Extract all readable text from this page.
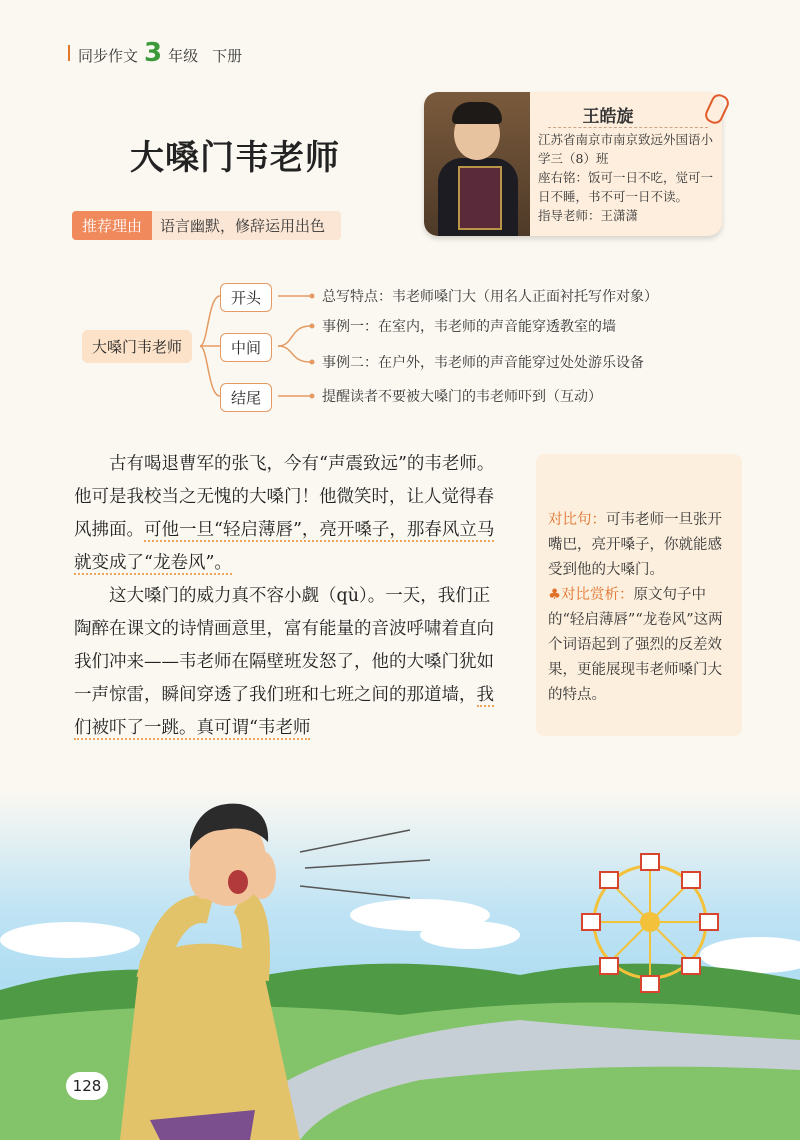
同步作文 3 年级 下册
大嗓门韦老师
推荐理由	语言幽默，修辞运用出色
王皓旋
江苏省南京市南京致远外国语小学三（8）班
座右铭：饭可一日不吃，觉可一日不睡，书不可一日不读。
指导老师：王潇潇
大嗓门韦老师
开头
中间
结尾
总写特点：韦老师嗓门大（用名人正面衬托写作对象）
事例一：在室内，韦老师的声音能穿透教室的墙
事例二：在户外，韦老师的声音能穿过处处游乐设备
提醒读者不要被大嗓门的韦老师吓到（互动）

古有喝退曹军的张飞，今有“声震致远”的韦老师。他可是我校当之无愧的大嗓门！他微笑时，让人觉得春风拂面。可他一旦“轻启薄唇”，亮开嗓子，那春风立马就变成了“龙卷风”。

这大嗓门的威力真不容小觑（qù）。一天，我们正陶醉在课文的诗情画意里，富有能量的音波呼啸着直向我们冲来——韦老师在隔壁班发怒了，他的大嗓门犹如一声惊雷，瞬间穿透了我们班和七班之间的那道墙，我们被吓了一跳。真可谓“韦老师

对比句：可韦老师一旦张开嘴巴，亮开嗓子，你就能感受到他的大嗓门。
♣对比赏析：原文句子中的“轻启薄唇”“龙卷风”这两个词语起到了强烈的反差效果，更能展现韦老师嗓门大的特点。
128
